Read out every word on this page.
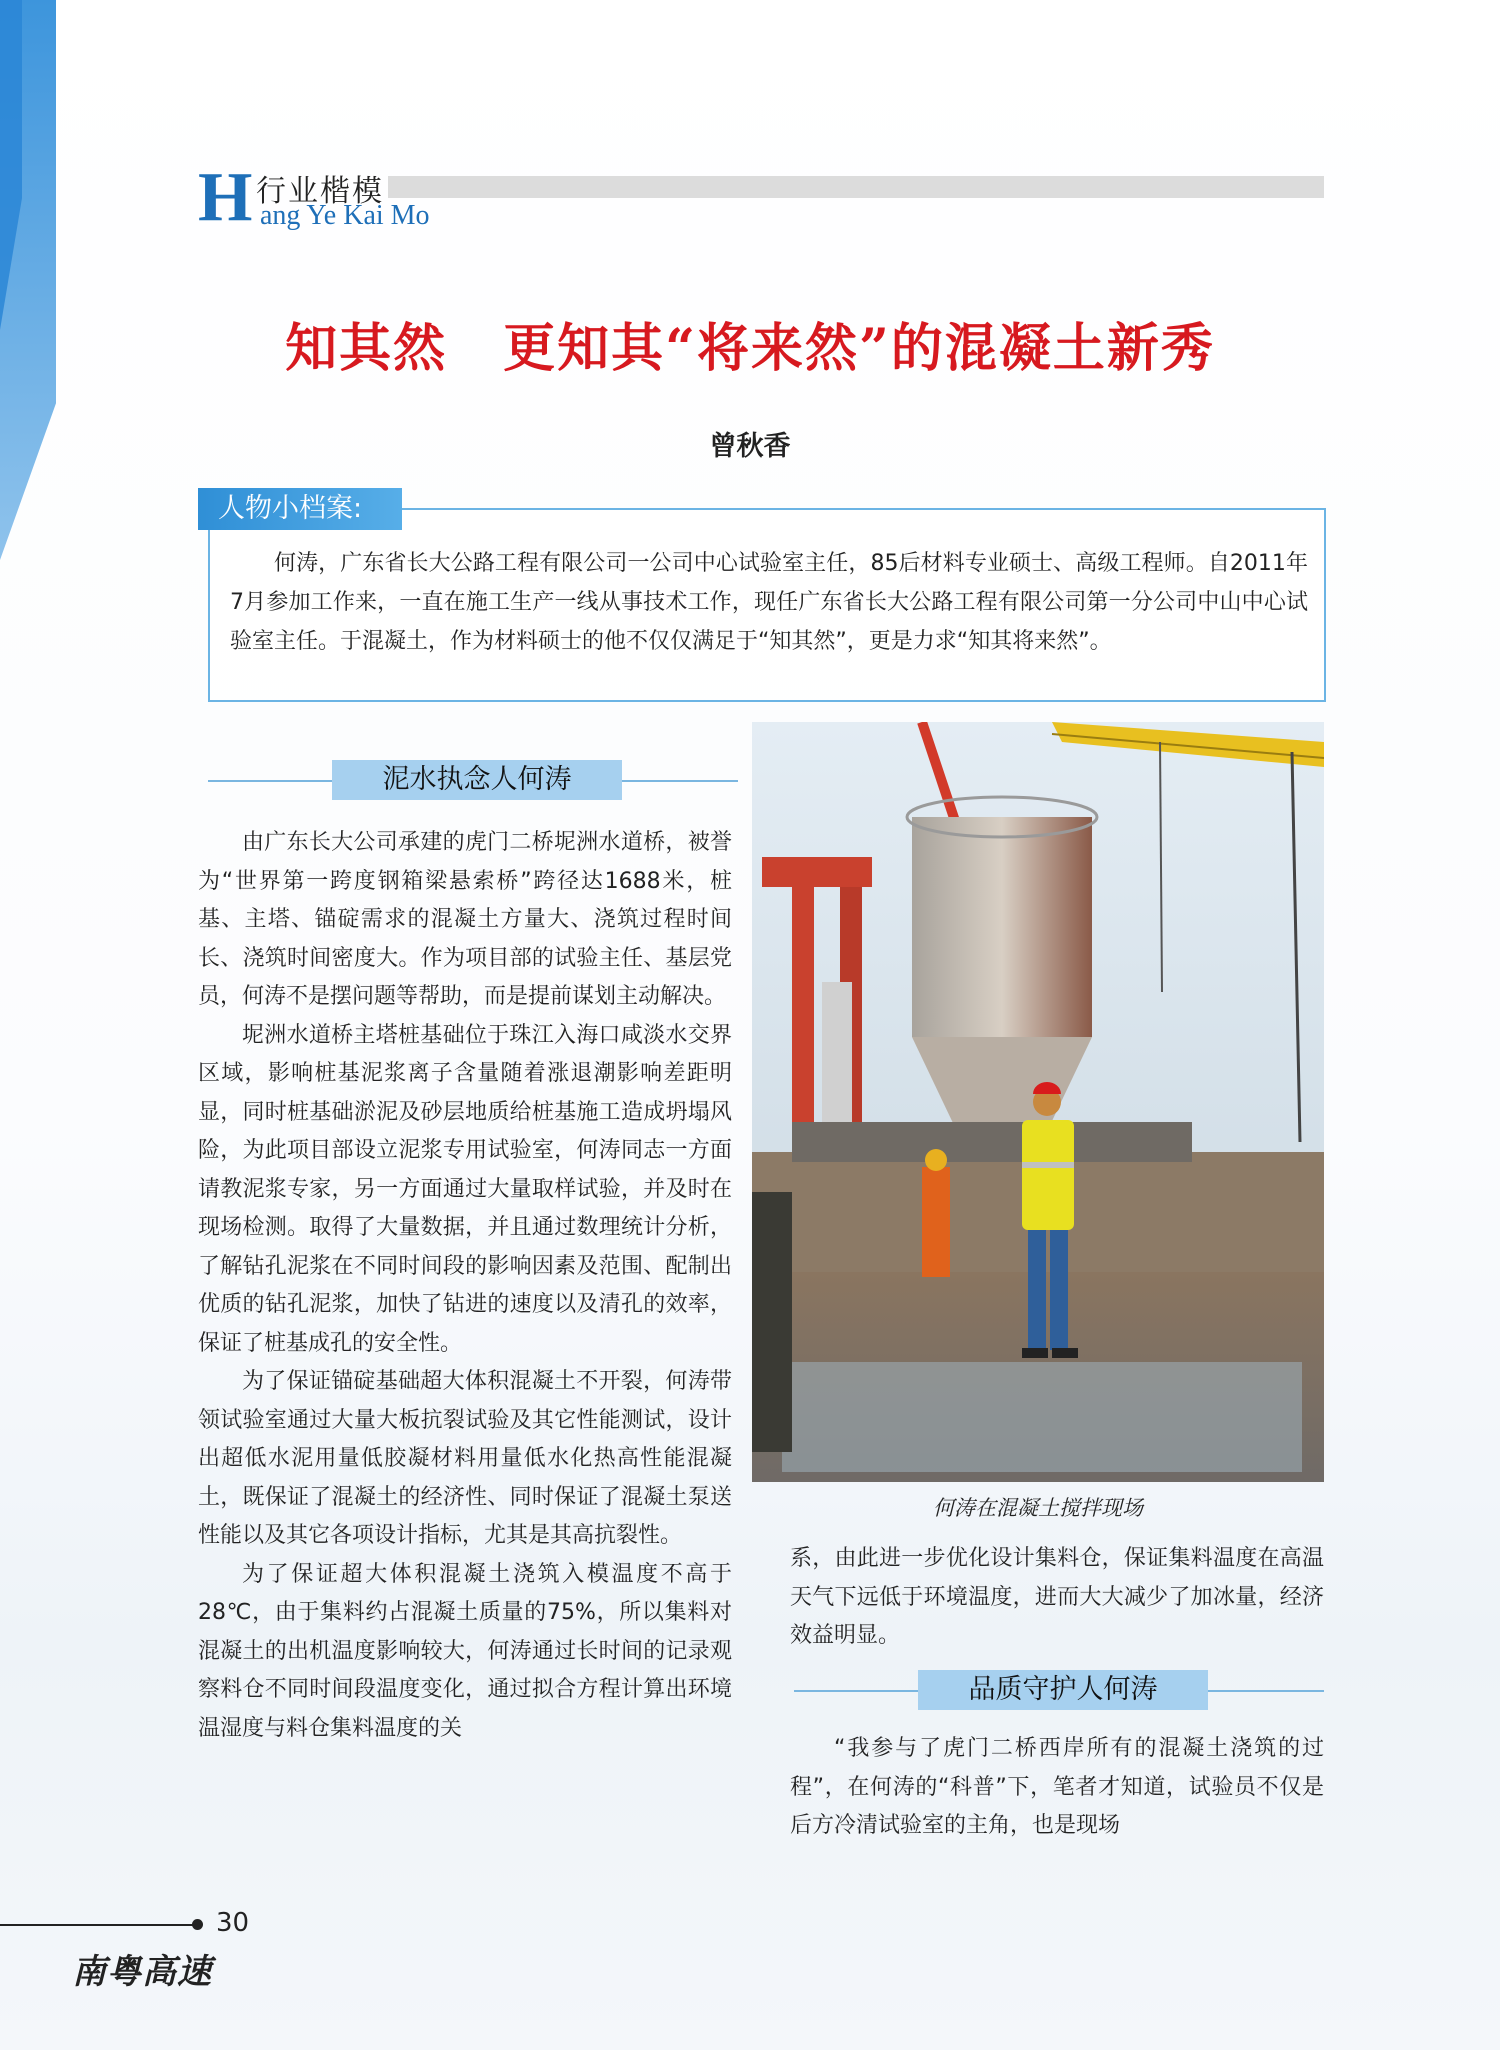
H 行业楷模
ang Ye Kai Mo
知其然 更知其“将来然”的混凝土新秀
曾秋香
人物小档案:
何涛，广东省长大公路工程有限公司一公司中心试验室主任，85后材料专业硕士、高级工程师。自2011年7月参加工作来，一直在施工生产一线从事技术工作，现任广东省长大公路工程有限公司第一分公司中山中心试验室主任。于混凝土，作为材料硕士的他不仅仅满足于“知其然”，更是力求“知其将来然”。
泥水执念人何涛

由广东长大公司承建的虎门二桥坭洲水道桥，被誉为“世界第一跨度钢箱梁悬索桥”跨径达1688米，桩基、主塔、锚碇需求的混凝土方量大、浇筑过程时间长、浇筑时间密度大。作为项目部的试验主任、基层党员，何涛不是摆问题等帮助，而是提前谋划主动解决。

坭洲水道桥主塔桩基础位于珠江入海口咸淡水交界区域，影响桩基泥浆离子含量随着涨退潮影响差距明显，同时桩基础淤泥及砂层地质给桩基施工造成坍塌风险，为此项目部设立泥浆专用试验室，何涛同志一方面请教泥浆专家，另一方面通过大量取样试验，并及时在现场检测。取得了大量数据，并且通过数理统计分析，了解钻孔泥浆在不同时间段的影响因素及范围、配制出优质的钻孔泥浆，加快了钻进的速度以及清孔的效率，保证了桩基成孔的安全性。

为了保证锚碇基础超大体积混凝土不开裂，何涛带领试验室通过大量大板抗裂试验及其它性能测试，设计出超低水泥用量低胶凝材料用量低水化热高性能混凝土，既保证了混凝土的经济性、同时保证了混凝土泵送性能以及其它各项设计指标，尤其是其高抗裂性。

为了保证超大体积混凝土浇筑入模温度不高于28℃，由于集料约占混凝土质量的75%，所以集料对混凝土的出机温度影响较大，何涛通过长时间的记录观察料仓不同时间段温度变化，通过拟合方程计算出环境温湿度与料仓集料温度的关

何涛在混凝土搅拌现场

系，由此进一步优化设计集料仓，保证集料温度在高温天气下远低于环境温度，进而大大减少了加冰量，经济效益明显。

品质守护人何涛

“我参与了虎门二桥西岸所有的混凝土浇筑的过程”，在何涛的“科普”下，笔者才知道，试验员不仅是后方冷清试验室的主角，也是现场

30
南粤高速
